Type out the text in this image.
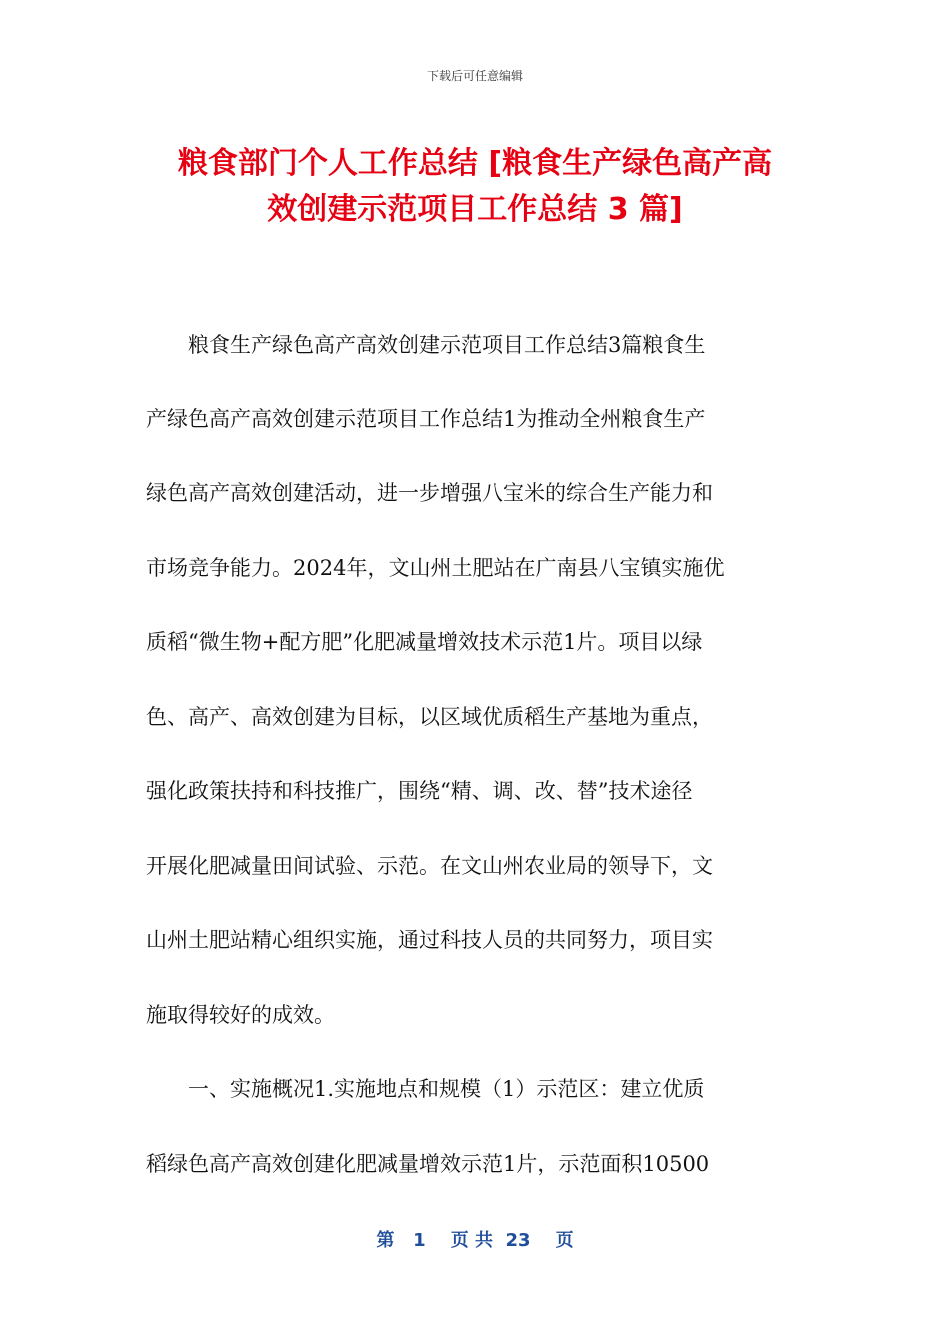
下载后可任意编辑
粮食部门个人工作总结 [粮食生产绿色高产高
效创建示范项目工作总结 3 篇]
　　粮食生产绿色高产高效创建示范项目工作总结3篇粮食生
产绿色高产高效创建示范项目工作总结1为推动全州粮食生产
绿色高产高效创建活动，进一步增强八宝米的综合生产能力和
市场竞争能力。2024年，文山州土肥站在广南县八宝镇实施优
质稻“微生物+配方肥”化肥减量增效技术示范1片。项目以绿
色、高产、高效创建为目标，以区域优质稻生产基地为重点，
强化政策扶持和科技推广，围绕“精、调、改、替”技术途径
开展化肥减量田间试验、示范。在文山州农业局的领导下，文
山州土肥站精心组织实施，通过科技人员的共同努力，项目实
施取得较好的成效。
　　一、实施概况1.实施地点和规模（1）示范区：建立优质
稻绿色高产高效创建化肥减量增效示范1片，示范面积10500
第   1    页 共  23    页
